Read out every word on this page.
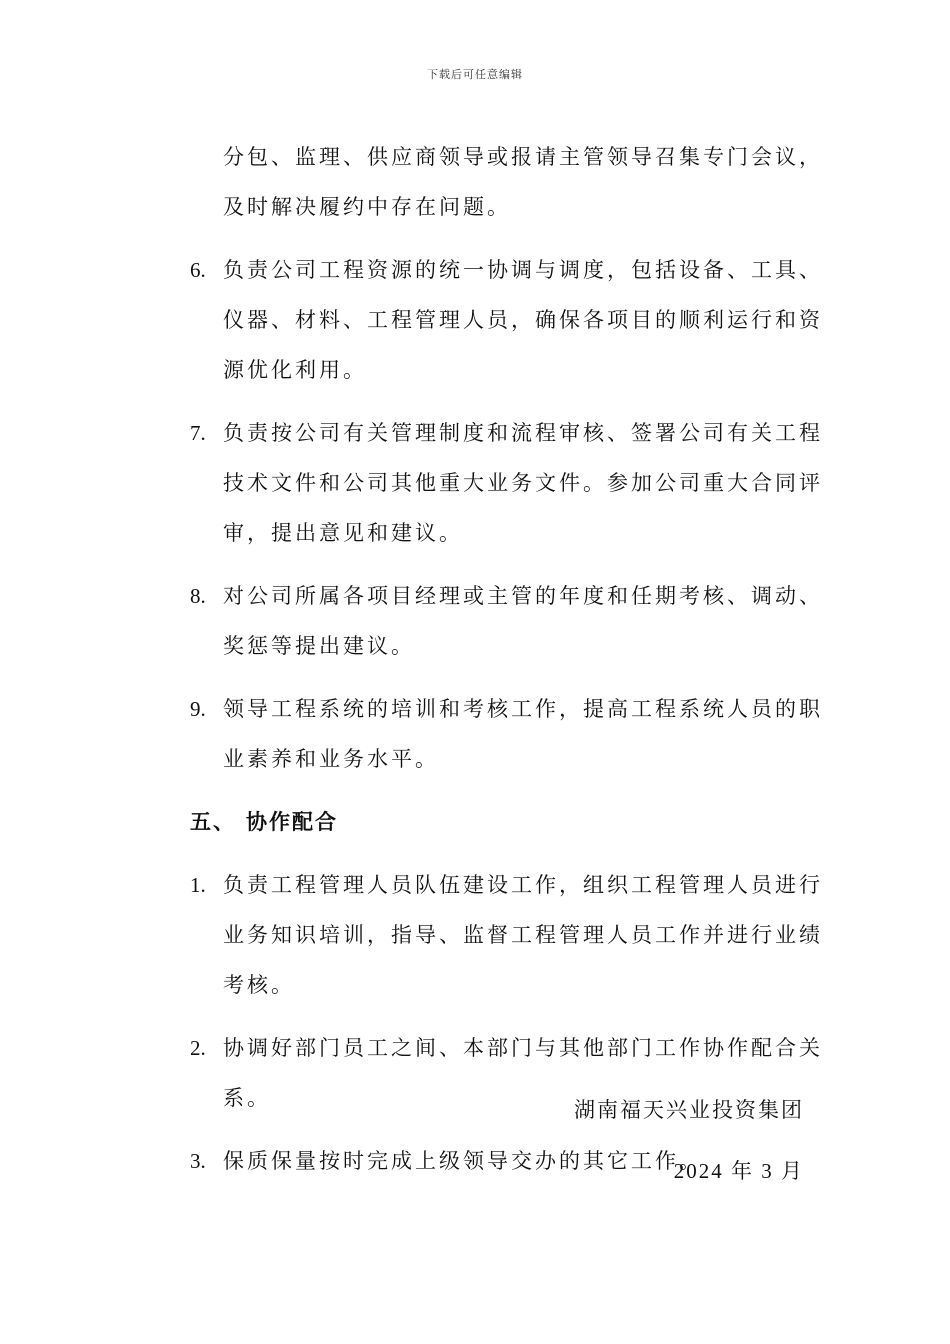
下载后可任意编辑
分包、监理、供应商领导或报请主管领导召集专门会议，及时解决履约中存在问题。
6. 负责公司工程资源的统一协调与调度，包括设备、工具、仪器、材料、工程管理人员，确保各项目的顺利运行和资源优化利用。
7. 负责按公司有关管理制度和流程审核、签署公司有关工程技术文件和公司其他重大业务文件。参加公司重大合同评审，提出意见和建议。
8. 对公司所属各项目经理或主管的年度和任期考核、调动、奖惩等提出建议。
9. 领导工程系统的培训和考核工作，提高工程系统人员的职业素养和业务水平。
五、 协作配合
1. 负责工程管理人员队伍建设工作，组织工程管理人员进行业务知识培训，指导、监督工程管理人员工作并进行业绩考核。
2. 协调好部门员工之间、本部门与其他部门工作协作配合关系。
3. 保质保量按时完成上级领导交办的其它工作。
湖南福天兴业投资集团
2024 年 3 月
